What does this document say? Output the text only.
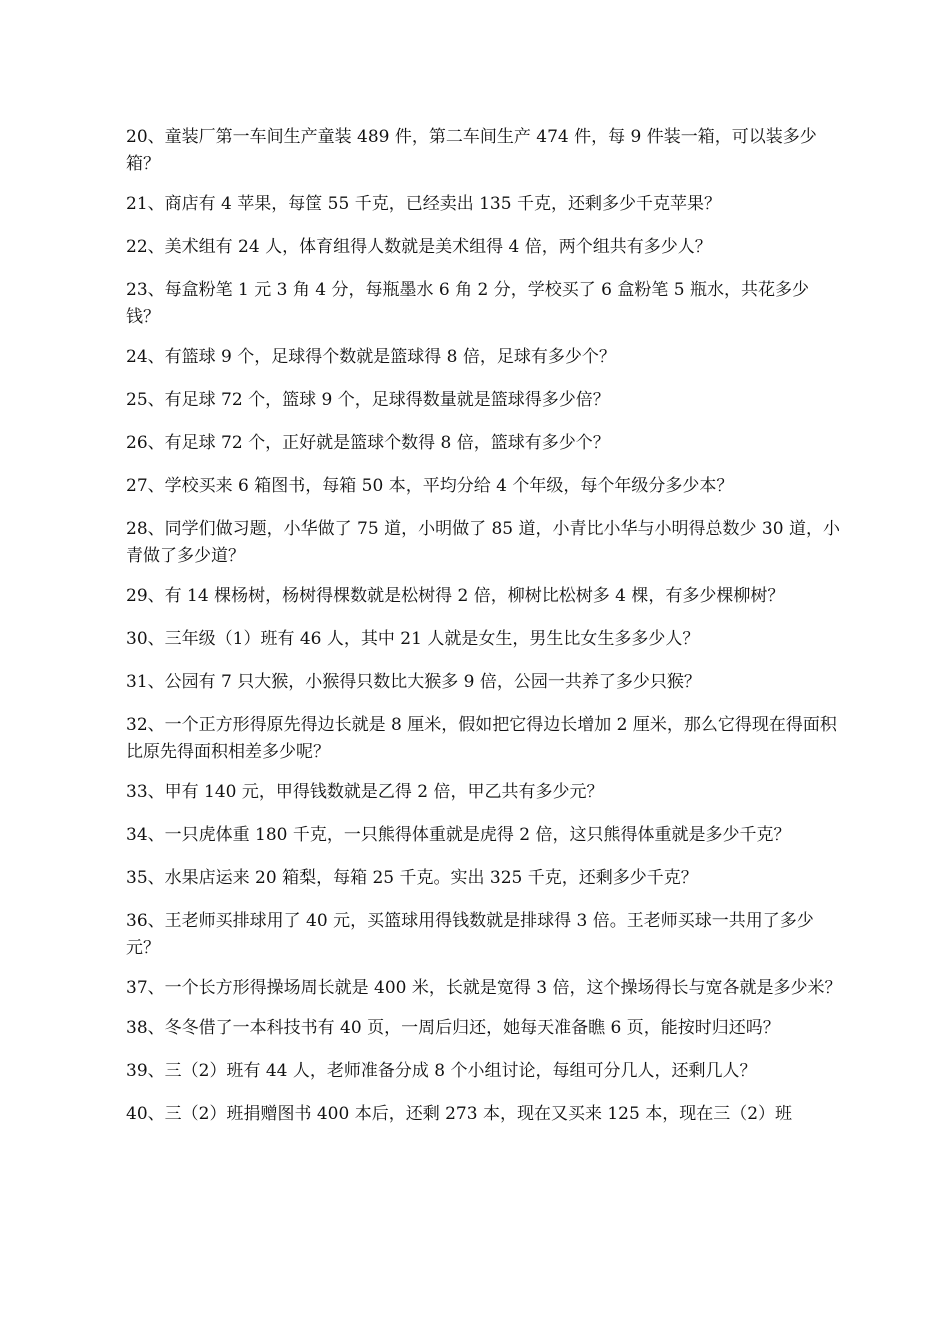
20、童装厂第一车间生产童装 489 件，第二车间生产 474 件，每 9 件装一箱，可以装多少箱？
21、商店有 4 苹果，每筐 55 千克，已经卖出 135 千克，还剩多少千克苹果？
22、美术组有 24 人，体育组得人数就是美术组得 4 倍，两个组共有多少人？
23、每盒粉笔 1 元 3 角 4 分，每瓶墨水 6 角 2 分，学校买了 6 盒粉笔 5 瓶水，共花多少钱？
24、有篮球 9 个，足球得个数就是篮球得 8 倍，足球有多少个？
25、有足球 72 个，篮球 9 个，足球得数量就是篮球得多少倍？
26、有足球 72 个，正好就是篮球个数得 8 倍，篮球有多少个？
27、学校买来 6 箱图书，每箱 50 本，平均分给 4 个年级，每个年级分多少本？
28、同学们做习题，小华做了 75 道，小明做了 85 道，小青比小华与小明得总数少 30 道，小青做了多少道？
29、有 14 棵杨树，杨树得棵数就是松树得 2 倍，柳树比松树多 4 棵，有多少棵柳树？
30、三年级（1）班有 46 人，其中 21 人就是女生，男生比女生多多少人？
31、公园有 7 只大猴，小猴得只数比大猴多 9 倍，公园一共养了多少只猴？
32、一个正方形得原先得边长就是 8 厘米，假如把它得边长增加 2 厘米，那么它得现在得面积比原先得面积相差多少呢？
33、甲有 140 元，甲得钱数就是乙得 2 倍，甲乙共有多少元？
34、一只虎体重 180 千克，一只熊得体重就是虎得 2 倍，这只熊得体重就是多少千克？
35、水果店运来 20 箱梨，每箱 25 千克。实出 325 千克，还剩多少千克？
36、王老师买排球用了 40 元，买篮球用得钱数就是排球得 3 倍。王老师买球一共用了多少元？
37、一个长方形得操场周长就是 400 米，长就是宽得 3 倍，这个操场得长与宽各就是多少米？
38、冬冬借了一本科技书有 40 页，一周后归还，她每天准备瞧 6 页，能按时归还吗？
39、三（2）班有 44 人，老师准备分成 8 个小组讨论，每组可分几人，还剩几人？
40、三（2）班捐赠图书 400 本后，还剩 273 本，现在又买来 125 本，现在三（2）班
